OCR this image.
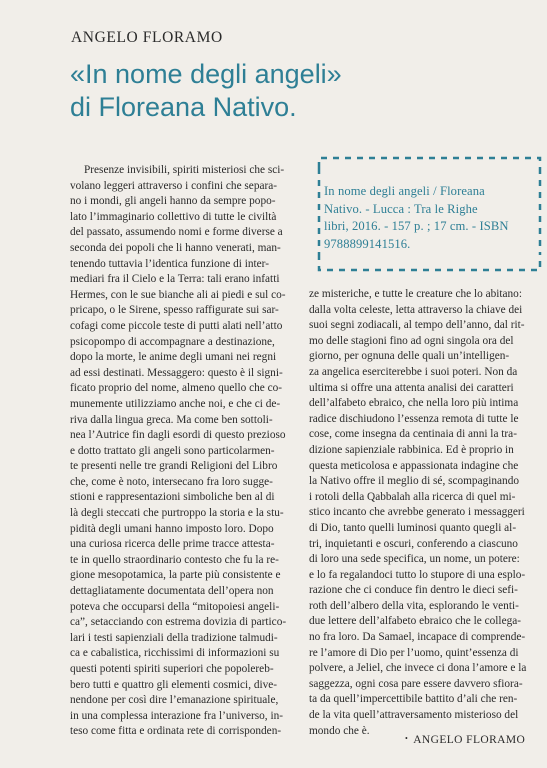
ANGELO FLORAMO
«In nome degli angeli»
di Floreana Nativo.
In nome degli angeli / Floreana
Nativo. - Lucca : Tra le Righe
libri, 2016. - 157 p. ; 17 cm. - ISBN
9788899141516.
Presenze invisibili, spiriti misteriosi che sci-
volano leggeri attraverso i confini che separa-
no i mondi, gli angeli hanno da sempre popo-
lato l’immaginario collettivo di tutte le civiltà
del passato, assumendo nomi e forme diverse a
seconda dei popoli che li hanno venerati, man-
tenendo tuttavia l’identica funzione di inter-
mediari fra il Cielo e la Terra: tali erano infatti
Hermes, con le sue bianche ali ai piedi e sul co-
pricapo, o le Sirene, spesso raffigurate sui sar-
cofagi come piccole teste di putti alati nell’atto
psicopompo di accompagnare a destinazione,
dopo la morte, le anime degli umani nei regni
ad essi destinati. Messaggero: questo è il signi-
ficato proprio del nome, almeno quello che co-
munemente utilizziamo anche noi, e che ci de-
riva dalla lingua greca. Ma come ben sottoli-
nea l’Autrice fin dagli esordi di questo prezioso
e dotto trattato gli angeli sono particolarmen-
te presenti nelle tre grandi Religioni del Libro
che, come è noto, intersecano fra loro sugge-
stioni e rappresentazioni simboliche ben al di
là degli steccati che purtroppo la storia e la stu-
pidità degli umani hanno imposto loro. Dopo
una curiosa ricerca delle prime tracce attesta-
te in quello straordinario contesto che fu la re-
gione mesopotamica, la parte più consistente e
dettagliatamente documentata dell’opera non
poteva che occuparsi della “mitopoiesi angeli-
ca”, setacciando con estrema dovizia di partico-
lari i testi sapienziali della tradizione talmudi-
ca e cabalistica, ricchissimi di informazioni su
questi potenti spiriti superiori che popolereb-
bero tutti e quattro gli elementi cosmici, dive-
nendone per così dire l’emanazione spirituale,
in una complessa interazione fra l’universo, in-
teso come fitta e ordinata rete di corrisponden-
ze misteriche, e tutte le creature che lo abitano:
dalla volta celeste, letta attraverso la chiave dei
suoi segni zodiacali, al tempo dell’anno, dal rit-
mo delle stagioni fino ad ogni singola ora del
giorno, per ognuna delle quali un’intelligen-
za angelica eserciterebbe i suoi poteri. Non da
ultima si offre una attenta analisi dei caratteri
dell’alfabeto ebraico, che nella loro più intima
radice dischiudono l’essenza remota di tutte le
cose, come insegna da centinaia di anni la tra-
dizione sapienziale rabbinica. Ed è proprio in
questa meticolosa e appassionata indagine che
la Nativo offre il meglio di sé, scompaginando
i rotoli della Qabbalah alla ricerca di quel mi-
stico incanto che avrebbe generato i messaggeri
di Dio, tanto quelli luminosi quanto quegli al-
tri, inquietanti e oscuri, conferendo a ciascuno
di loro una sede specifica, un nome, un potere:
e lo fa regalandoci tutto lo stupore di una esplo-
razione che ci conduce fin dentro le dieci sefi-
roth dell’albero della vita, esplorando le venti-
due lettere dell’alfabeto ebraico che le collega-
no fra loro. Da Samael, incapace di comprende-
re l’amore di Dio per l’uomo, quint’essenza di
polvere, a Jeliel, che invece ci dona l’amore e la
saggezza, ogni cosa pare essere davvero sfiora-
ta da quell’impercettibile battito d’ali che ren-
de la vita quell’attraversamento misterioso del
mondo che è.
• ANGELO FLORAMO
